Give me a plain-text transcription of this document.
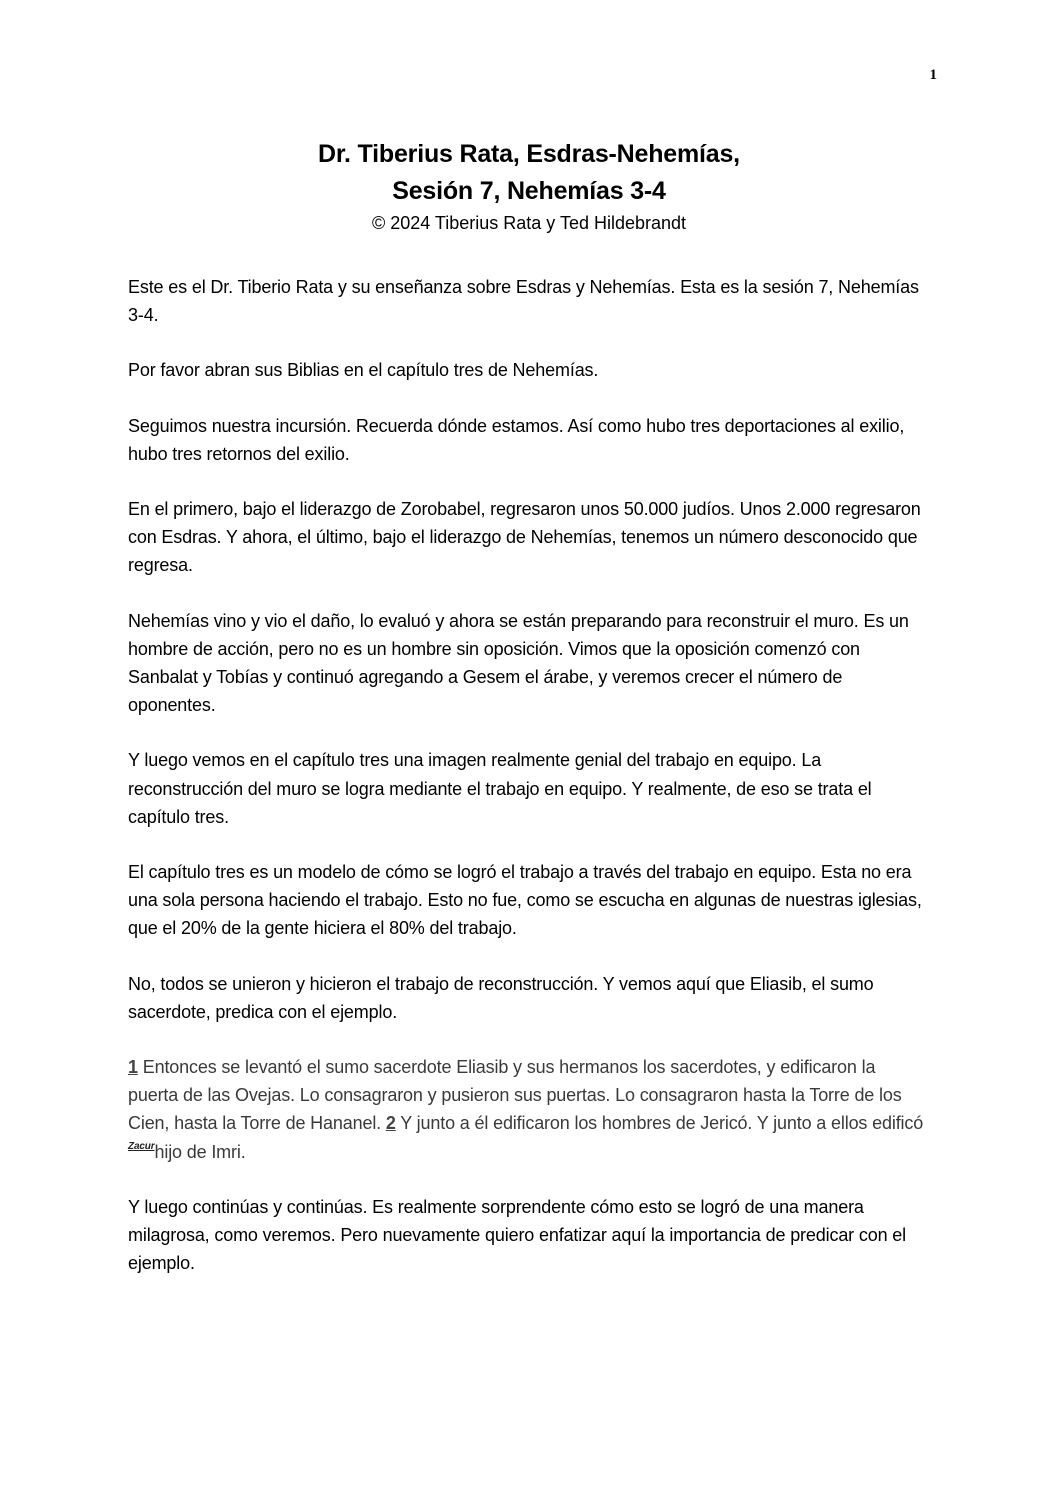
1
Dr. Tiberius Rata, Esdras-Nehemías,
Sesión 7, Nehemías 3-4
© 2024 Tiberius Rata y Ted Hildebrandt

Este es el Dr. Tiberio Rata y su enseñanza sobre Esdras y Nehemías. Esta es la sesión 7, Nehemías 3-4.

Por favor abran sus Biblias en el capítulo tres de Nehemías.

Seguimos nuestra incursión. Recuerda dónde estamos. Así como hubo tres deportaciones al exilio, hubo tres retornos del exilio.

En el primero, bajo el liderazgo de Zorobabel, regresaron unos 50.000 judíos. Unos 2.000 regresaron con Esdras. Y ahora, el último, bajo el liderazgo de Nehemías, tenemos un número desconocido que regresa.

Nehemías vino y vio el daño, lo evaluó y ahora se están preparando para reconstruir el muro. Es un hombre de acción, pero no es un hombre sin oposición. Vimos que la oposición comenzó con Sanbalat y Tobías y continuó agregando a Gesem el árabe, y veremos crecer el número de oponentes.

Y luego vemos en el capítulo tres una imagen realmente genial del trabajo en equipo. La reconstrucción del muro se logra mediante el trabajo en equipo. Y realmente, de eso se trata el capítulo tres.

El capítulo tres es un modelo de cómo se logró el trabajo a través del trabajo en equipo. Esta no era una sola persona haciendo el trabajo. Esto no fue, como se escucha en algunas de nuestras iglesias, que el 20% de la gente hiciera el 80% del trabajo.

No, todos se unieron y hicieron el trabajo de reconstrucción. Y vemos aquí que Eliasib, el sumo sacerdote, predica con el ejemplo.

1 Entonces se levantó el sumo sacerdote Eliasib y sus hermanos los sacerdotes, y edificaron la puerta de las Ovejas. Lo consagraron y pusieron sus puertas. Lo consagraron hasta la Torre de los Cien, hasta la Torre de Hananel. 2 Y junto a él edificaron los hombres de Jericó. Y junto a ellos edificó $^{Zacur}$hijo de Imri.

Y luego continúas y continúas. Es realmente sorprendente cómo esto se logró de una manera milagrosa, como veremos. Pero nuevamente quiero enfatizar aquí la importancia de predicar con el ejemplo.
